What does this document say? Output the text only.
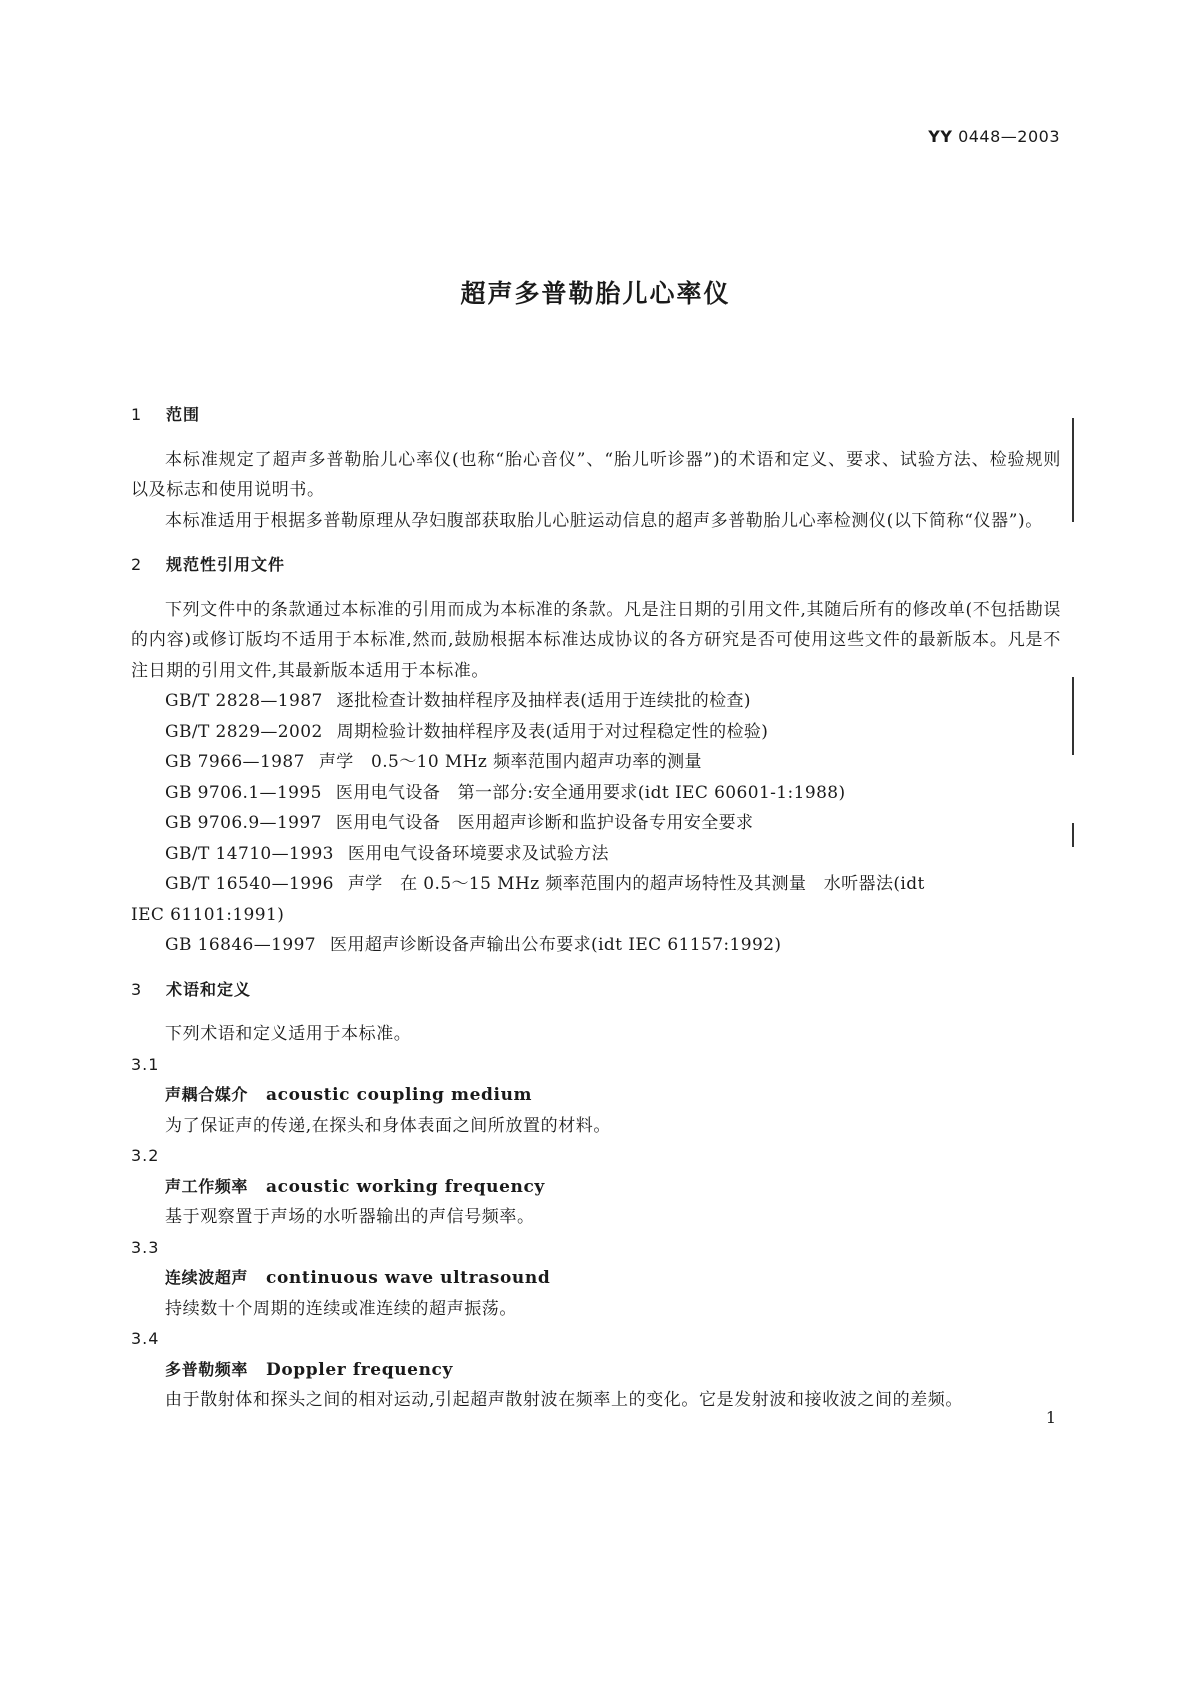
YY 0448—2003
超声多普勒胎儿心率仪
1 范围

本标准规定了超声多普勒胎儿心率仪(也称“胎心音仪”、“胎儿听诊器”)的术语和定义、要求、试验方法、检验规则以及标志和使用说明书。

本标准适用于根据多普勒原理从孕妇腹部获取胎儿心脏运动信息的超声多普勒胎儿心率检测仪(以下简称“仪器”)。

2 规范性引用文件

下列文件中的条款通过本标准的引用而成为本标准的条款。凡是注日期的引用文件,其随后所有的修改单(不包括勘误的内容)或修订版均不适用于本标准,然而,鼓励根据本标准达成协议的各方研究是否可使用这些文件的最新版本。凡是不注日期的引用文件,其最新版本适用于本标准。

GB/T 2828—1987 逐批检查计数抽样程序及抽样表(适用于连续批的检查)

GB/T 2829—2002 周期检验计数抽样程序及表(适用于对过程稳定性的检验)

GB 7966—1987 声学　0.5～10 MHz 频率范围内超声功率的测量

GB 9706.1—1995 医用电气设备　第一部分:安全通用要求(idt IEC 60601-1:1988)

GB 9706.9—1997 医用电气设备　医用超声诊断和监护设备专用安全要求

GB/T 14710—1993 医用电气设备环境要求及试验方法

GB/T 16540—1996 声学　在 0.5～15 MHz 频率范围内的超声场特性及其测量　水听器法(idt

IEC 61101:1991)

GB 16846—1997 医用超声诊断设备声输出公布要求(idt IEC 61157:1992)

3 术语和定义

下列术语和定义适用于本标准。

3.1

声耦合媒介 acoustic coupling medium

为了保证声的传递,在探头和身体表面之间所放置的材料。

3.2

声工作频率 acoustic working frequency

基于观察置于声场的水听器输出的声信号频率。

3.3

连续波超声 continuous wave ultrasound

持续数十个周期的连续或准连续的超声振荡。

3.4

多普勒频率 Doppler frequency

由于散射体和探头之间的相对运动,引起超声散射波在频率上的变化。它是发射波和接收波之间的差频。

1
